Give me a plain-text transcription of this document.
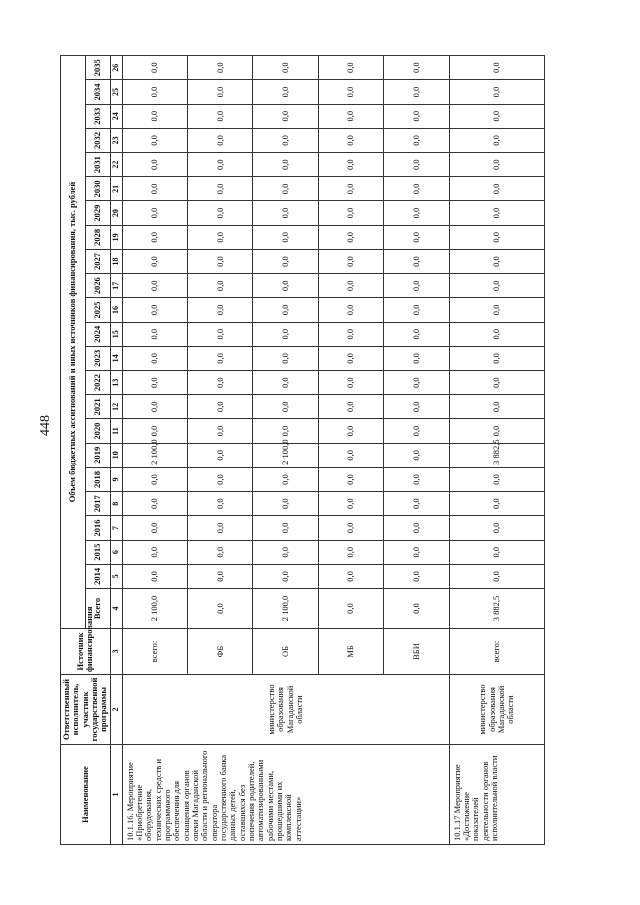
448
Наименование	Ответственный исполнитель, участник государственной программы	Источник финансирования	Объем бюджетных ассигнований и иных источников финансирования, тыс. рублей																						
			Всего	2014	2015	2016	2017	2018	2019	2020	2021	2022	2023	2024	2025	2026	2027	2028	2029	2030	2031	2032	2033	2034	2035
1	2	3	4	5	6	7	8	9	10	11	12	13	14	15	16	17	18	19	20	21	22	23	24	25	26
10.1.16. Мероприятие «Приобретение оборудования, технических средств и программного обеспечения для оснащения органов опеки Магаданской области и регионального оператора государственного банка данных детей, оставшихся без попечения родителей, автоматизированными рабочими местами, прошедшими их комплексной аттестации»	министерство образования Магаданской области	всего:	2 100,0	0,0	0,0	0,0	0,0	0,0	2 100,0	0,0	0,0	0,0	0,0	0,0	0,0	0,0	0,0	0,0	0,0	0,0	0,0	0,0	0,0	0,0	0,0
		ФБ	0,0	0,0	0,0	0,0	0,0	0,0	0,0	0,0	0,0	0,0	0,0	0,0	0,0	0,0	0,0	0,0	0,0	0,0	0,0	0,0	0,0	0,0	0,0
		ОБ	2 100,0	0,0	0,0	0,0	0,0	0,0	2 100,0	0,0	0,0	0,0	0,0	0,0	0,0	0,0	0,0	0,0	0,0	0,0	0,0	0,0	0,0	0,0	0,0
		МБ	0,0	0,0	0,0	0,0	0,0	0,0	0,0	0,0	0,0	0,0	0,0	0,0	0,0	0,0	0,0	0,0	0,0	0,0	0,0	0,0	0,0	0,0	0,0
		ВБИ	0,0	0,0	0,0	0,0	0,0	0,0	0,0	0,0	0,0	0,0	0,0	0,0	0,0	0,0	0,0	0,0	0,0	0,0	0,0	0,0	0,0	0,0	0,0
10.1.17 Мероприятие «Достижение показателей деятельности органов исполнительной власти	министерство образования Магаданской области	всего:	3 882,5	0,0	0,0	0,0	0,0	0,0	3 882,5	0,0	0,0	0,0	0,0	0,0	0,0	0,0	0,0	0,0	0,0	0,0	0,0	0,0	0,0	0,0	0,0
